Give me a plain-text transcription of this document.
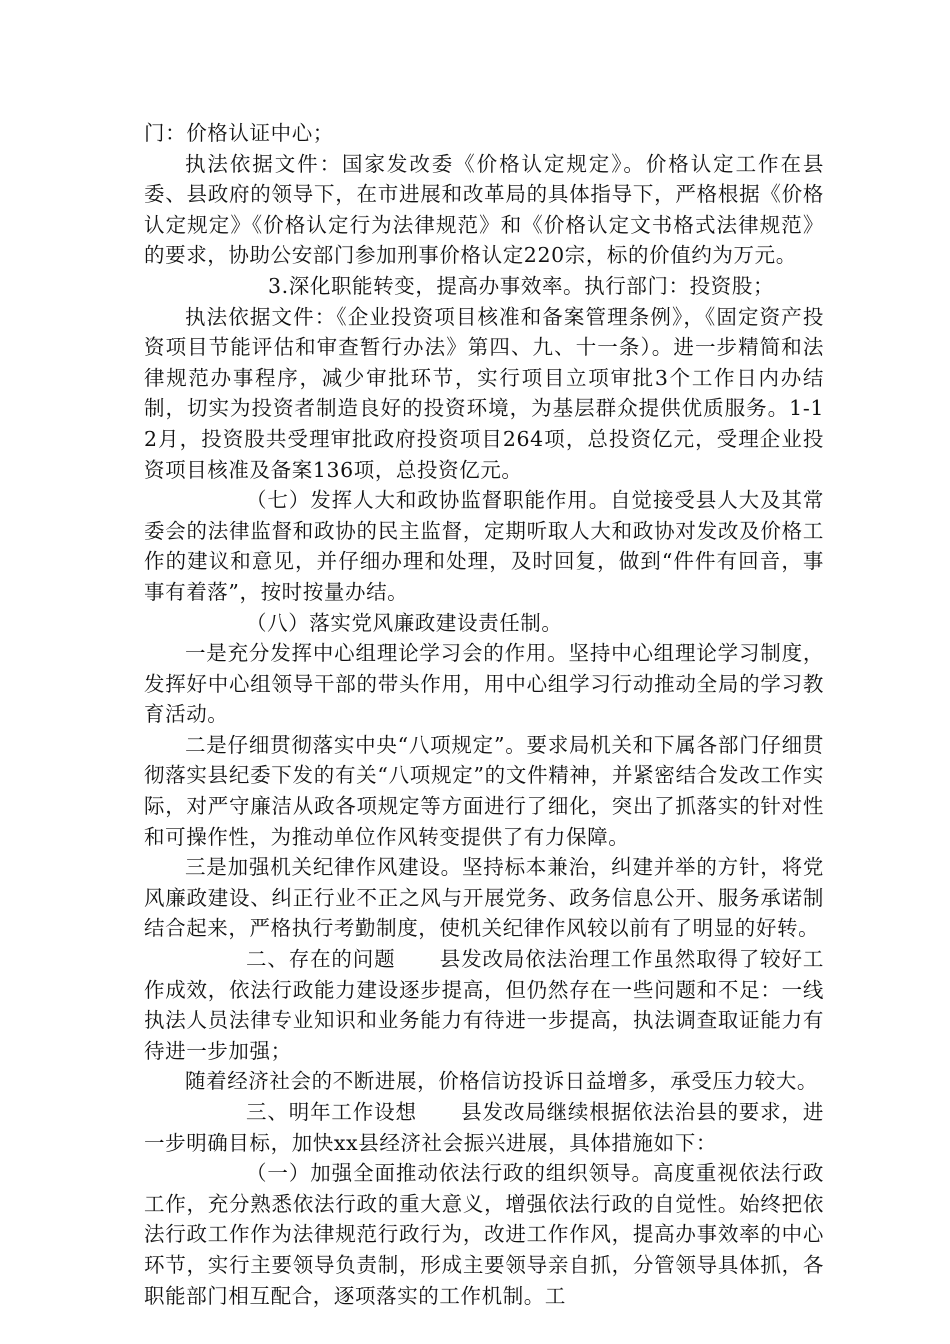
门：价格认证中心；

执法依据文件：国家发改委《价格认定规定》。价格认定工作在县委、县政府的领导下，在市进展和改革局的具体指导下，严格根据《价格认定规定》《价格认定行为法律规范》和《价格认定文书格式法律规范》的要求，协助公安部门参加刑事价格认定220宗，标的价值约为万元。

3.深化职能转变，提高办事效率。执行部门：投资股；

执法依据文件：《企业投资项目核准和备案管理条例》，《固定资产投资项目节能评估和审查暂行办法》第四、九、十一条）。进一步精简和法律规范办事程序，减少审批环节，实行项目立项审批3个工作日内办结制，切实为投资者制造良好的投资环境，为基层群众提供优质服务。1-12月，投资股共受理审批政府投资项目264项，总投资亿元，受理企业投资项目核准及备案136项，总投资亿元。

（七）发挥人大和政协监督职能作用。自觉接受县人大及其常委会的法律监督和政协的民主监督，定期听取人大和政协对发改及价格工作的建议和意见，并仔细办理和处理，及时回复，做到“件件有回音，事事有着落”，按时按量办结。

（八）落实党风廉政建设责任制。

一是充分发挥中心组理论学习会的作用。坚持中心组理论学习制度，发挥好中心组领导干部的带头作用，用中心组学习行动推动全局的学习教育活动。

二是仔细贯彻落实中央“八项规定”。要求局机关和下属各部门仔细贯彻落实县纪委下发的有关“八项规定”的文件精神，并紧密结合发改工作实际，对严守廉洁从政各项规定等方面进行了细化，突出了抓落实的针对性和可操作性，为推动单位作风转变提供了有力保障。

三是加强机关纪律作风建设。坚持标本兼治，纠建并举的方针，将党风廉政建设、纠正行业不正之风与开展党务、政务信息公开、服务承诺制结合起来，严格执行考勤制度，使机关纪律作风较以前有了明显的好转。

二、存在的问题 县发改局依法治理工作虽然取得了较好工作成效，依法行政能力建设逐步提高，但仍然存在一些问题和不足：一线执法人员法律专业知识和业务能力有待进一步提高，执法调查取证能力有待进一步加强；

随着经济社会的不断进展，价格信访投诉日益增多，承受压力较大。

三、明年工作设想 县发改局继续根据依法治县的要求，进一步明确目标，加快xx县经济社会振兴进展，具体措施如下：

（一）加强全面推动依法行政的组织领导。高度重视依法行政工作，充分熟悉依法行政的重大意义，增强依法行政的自觉性。始终把依法行政工作作为法律规范行政行为，改进工作作风，提高办事效率的中心环节，实行主要领导负责制，形成主要领导亲自抓，分管领导具体抓，各职能部门相互配合，逐项落实的工作机制。工
